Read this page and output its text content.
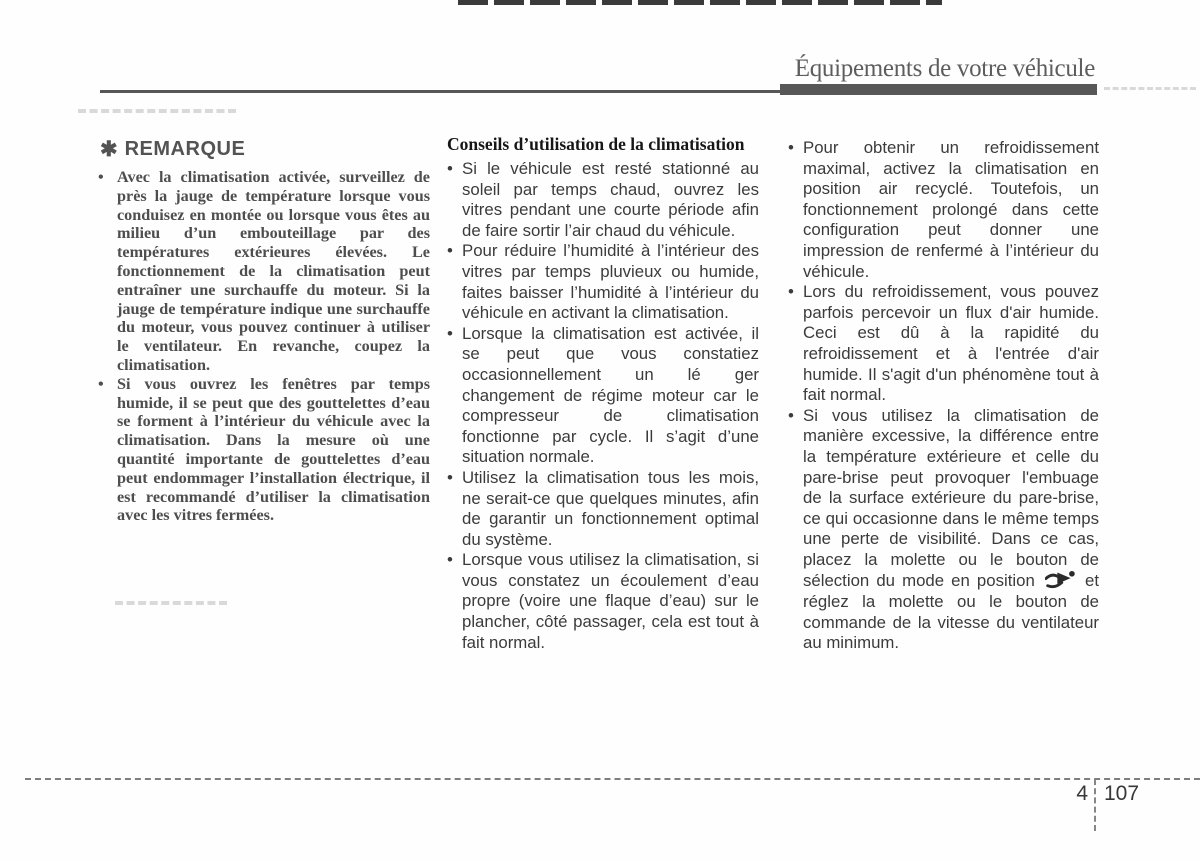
Équipements de votre véhicule
✱ REMARQUE
• Avec la climatisation activée, surveillez de près la jauge de température lorsque vous conduisez en montée ou lorsque vous êtes au milieu d’un embouteillage par des températures extérieures élevées. Le fonctionnement de la climatisation peut entraîner une surchauffe du moteur. Si la jauge de température indique une surchauffe du moteur, vous pouvez continuer à utiliser le ventilateur. En revanche, coupez la climatisation.
• Si vous ouvrez les fenêtres par temps humide, il se peut que des gouttelettes d’eau se forment à l’intérieur du véhicule avec la climatisation. Dans la mesure où une quantité importante de gouttelettes d’eau peut endommager l’installation électrique, il est recommandé d’utiliser la climatisation avec les vitres fermées.
Conseils d’utilisation de la climatisation
• Si le véhicule est resté stationné au soleil par temps chaud, ouvrez les vitres pendant une courte période afin de faire sortir l’air chaud du véhicule.
• Pour réduire l’humidité à l’intérieur des vitres par temps pluvieux ou humide, faites baisser l’humidité à l’intérieur du véhicule en activant la climatisation.
• Lorsque la climatisation est activée, il se peut que vous constatiez occasionnellement un lé ger changement de régime moteur car le compresseur de climatisation fonctionne par cycle. Il s’agit d’une situation normale.
• Utilisez la climatisation tous les mois, ne serait-ce que quelques minutes, afin de garantir un fonctionnement optimal du système.
• Lorsque vous utilisez la climatisation, si vous constatez un écoulement d’eau propre (voire une flaque d’eau) sur le plancher, côté passager, cela est tout à fait normal.
• Pour obtenir un refroidissement maximal, activez la climatisation en position air recyclé. Toutefois, un fonctionnement prolongé dans cette configuration peut donner une impression de renfermé à l’intérieur du véhicule.
• Lors du refroidissement, vous pouvez parfois percevoir un flux d'air humide. Ceci est dû à la rapidité du refroidissement et à l'entrée d'air humide. Il s'agit d'un phénomène tout à fait normal.
• Si vous utilisez la climatisation de manière excessive, la différence entre la température extérieure et celle du pare-brise peut provoquer l'embuage de la surface extérieure du pare-brise, ce qui occasionne dans le même temps une perte de visibilité. Dans ce cas, placez la molette ou le bouton de sélection du mode en position	et réglez la molette ou le bouton de commande de la vitesse du ventilateur au minimum.
4 107
